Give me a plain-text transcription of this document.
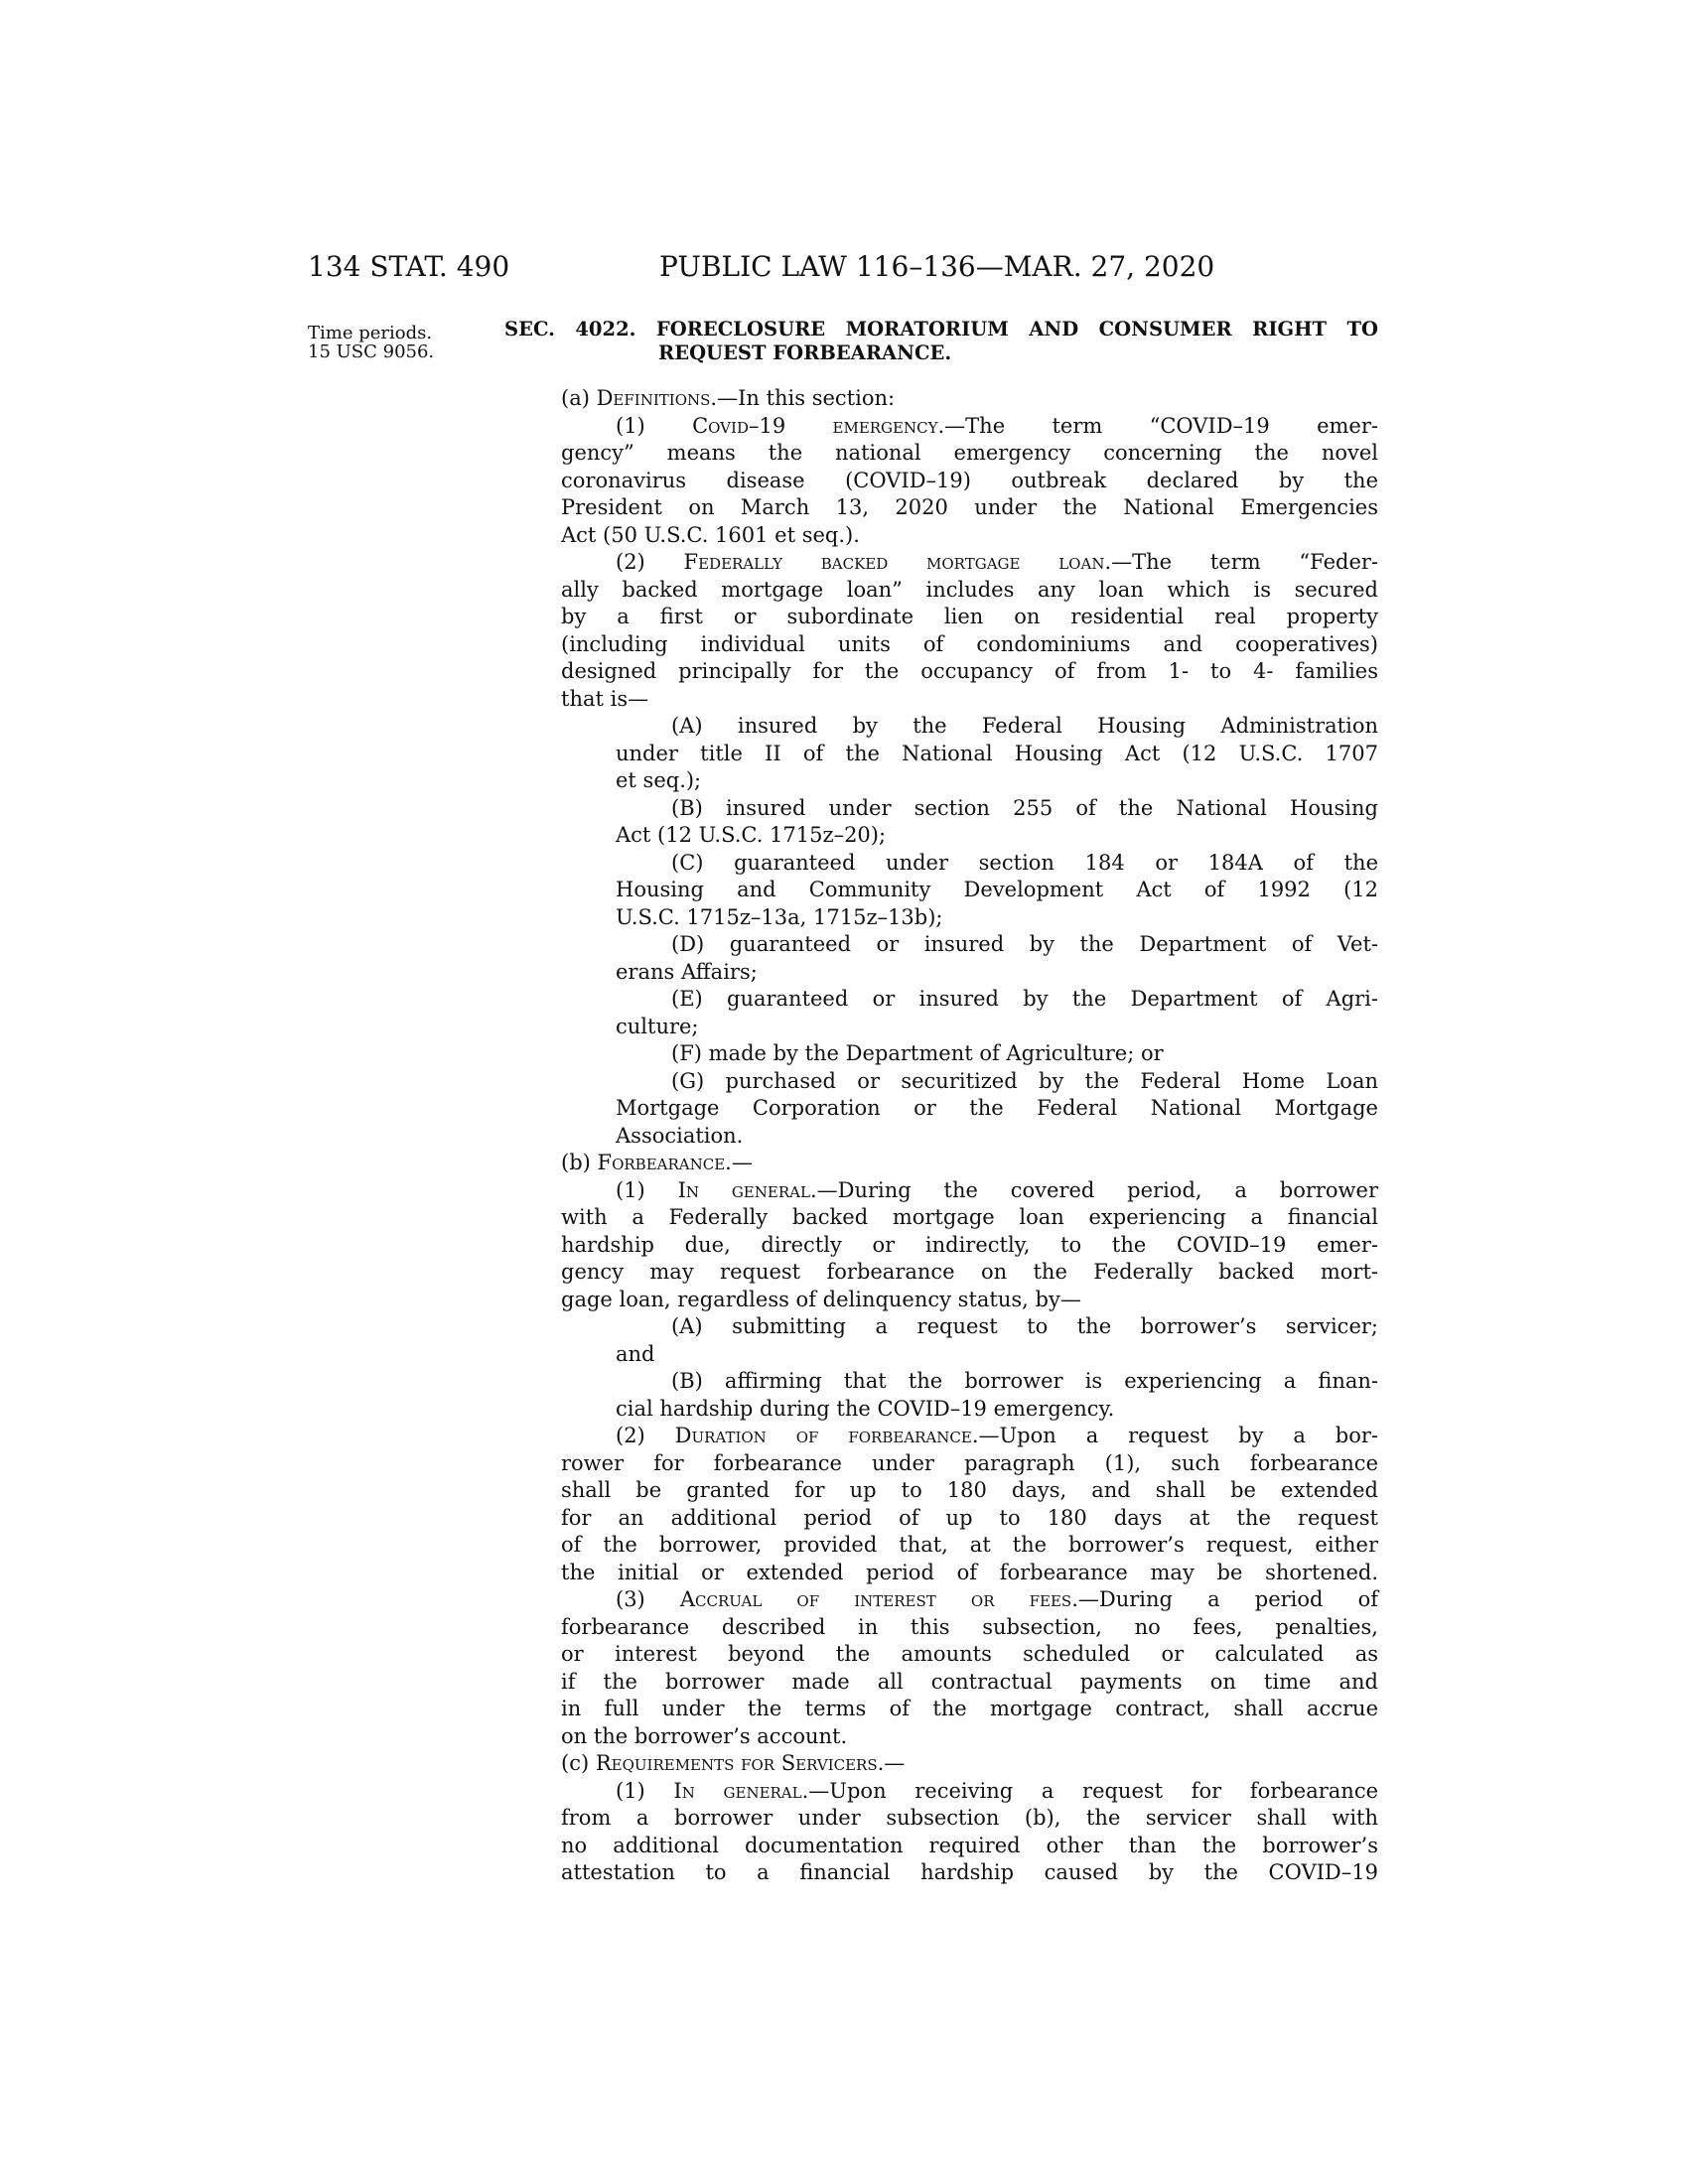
134 STAT. 490	PUBLIC LAW 116–136—MAR. 27, 2020
Time periods.
15 USC 9056.
SEC. 4022. FORECLOSURE MORATORIUM AND CONSUMER RIGHT TO
REQUEST FORBEARANCE.
(a) Definitions.—In this section:
(1) Covid–19 emergency.—The term “COVID–19 emer-
gency” means the national emergency concerning the novel
coronavirus disease (COVID–19) outbreak declared by the
President on March 13, 2020 under the National Emergencies
Act (50 U.S.C. 1601 et seq.).
(2) Federally backed mortgage loan.—The term “Feder-
ally backed mortgage loan” includes any loan which is secured
by a first or subordinate lien on residential real property
(including individual units of condominiums and cooperatives)
designed principally for the occupancy of from 1- to 4- families
that is—
(A) insured by the Federal Housing Administration
under title II of the National Housing Act (12 U.S.C. 1707
et seq.);
(B) insured under section 255 of the National Housing
Act (12 U.S.C. 1715z–20);
(C) guaranteed under section 184 or 184A of the
Housing and Community Development Act of 1992 (12
U.S.C. 1715z–13a, 1715z–13b);
(D) guaranteed or insured by the Department of Vet-
erans Affairs;
(E) guaranteed or insured by the Department of Agri-
culture;
(F) made by the Department of Agriculture; or
(G) purchased or securitized by the Federal Home Loan
Mortgage Corporation or the Federal National Mortgage
Association.
(b) Forbearance.—
(1) In general.—During the covered period, a borrower
with a Federally backed mortgage loan experiencing a financial
hardship due, directly or indirectly, to the COVID–19 emer-
gency may request forbearance on the Federally backed mort-
gage loan, regardless of delinquency status, by—
(A) submitting a request to the borrower’s servicer;
and
(B) affirming that the borrower is experiencing a finan-
cial hardship during the COVID–19 emergency.
(2) Duration of forbearance.—Upon a request by a bor-
rower for forbearance under paragraph (1), such forbearance
shall be granted for up to 180 days, and shall be extended
for an additional period of up to 180 days at the request
of the borrower, provided that, at the borrower’s request, either
the initial or extended period of forbearance may be shortened.
(3) Accrual of interest or fees.—During a period of
forbearance described in this subsection, no fees, penalties,
or interest beyond the amounts scheduled or calculated as
if the borrower made all contractual payments on time and
in full under the terms of the mortgage contract, shall accrue
on the borrower’s account.
(c) Requirements for Servicers.—
(1) In general.—Upon receiving a request for forbearance
from a borrower under subsection (b), the servicer shall with
no additional documentation required other than the borrower’s
attestation to a financial hardship caused by the COVID–19
